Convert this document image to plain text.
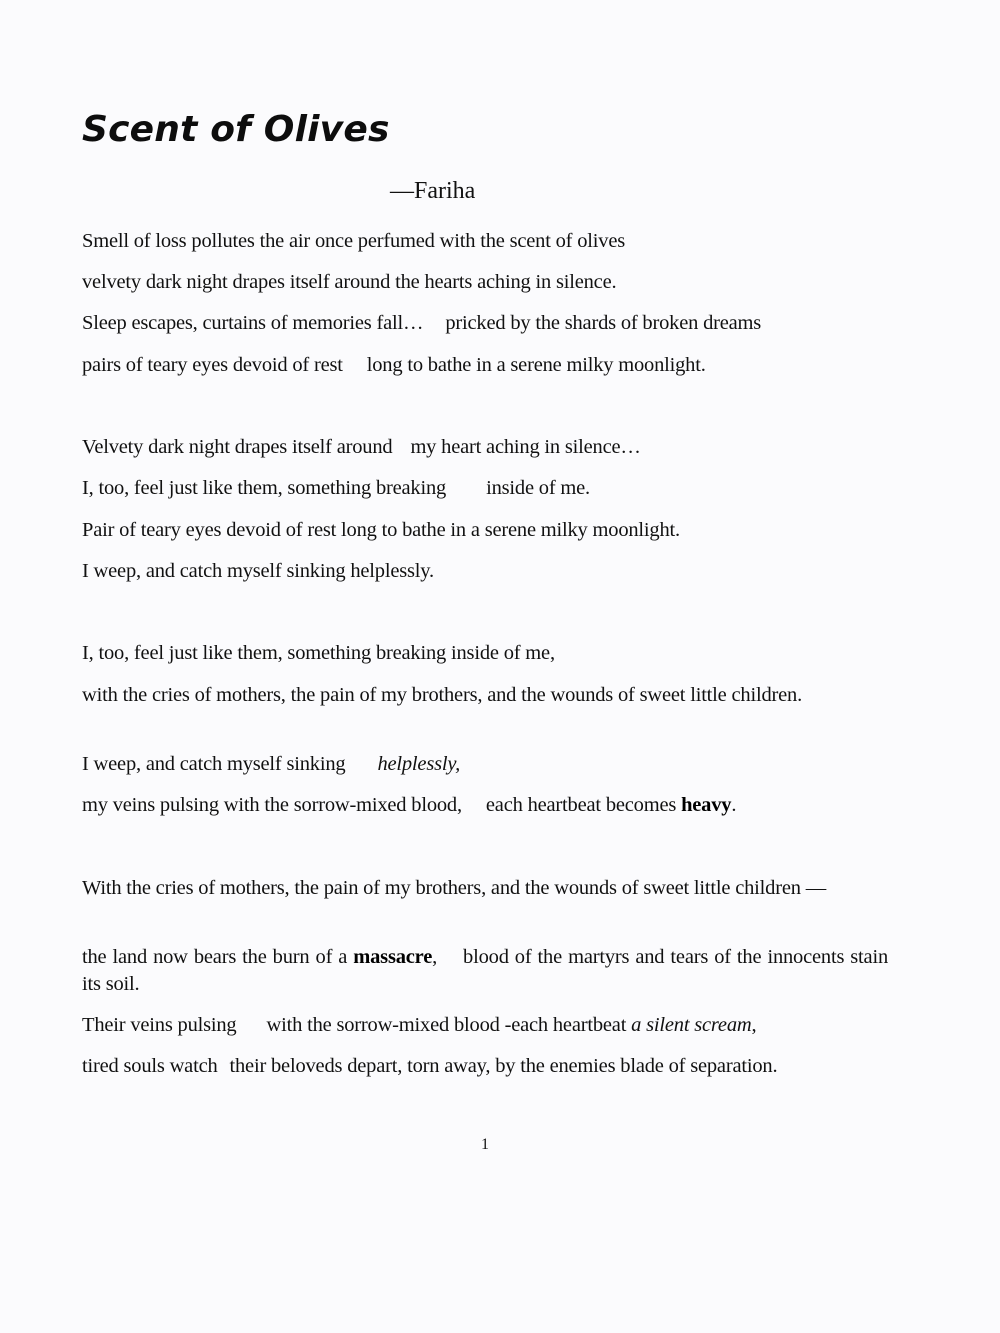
Scent of Olives
—Fariha
Smell of loss pollutes the air once perfumed with the scent of olives
velvety dark night drapes itself around the hearts aching in silence.
Sleep escapes, curtains of memories fall… pricked by the shards of broken dreams
pairs of teary eyes devoid of rest long to bathe in a serene milky moonlight.
Velvety dark night drapes itself around my heart aching in silence…
I, too, feel just like them, something breaking inside of me.
Pair of teary eyes devoid of rest long to bathe in a serene milky moonlight.
I weep, and catch myself sinking helplessly.
I, too, feel just like them, something breaking inside of me,
with the cries of mothers, the pain of my brothers, and the wounds of sweet little children.
I weep, and catch myself sinking helplessly,
my veins pulsing with the sorrow-mixed blood, each heartbeat becomes heavy.
With the cries of mothers, the pain of my brothers, and the wounds of sweet little children —
the land now bears the burn of a massacre, blood of the martyrs and tears of the innocents stain its soil.
Their veins pulsing with the sorrow-mixed blood -each heartbeat a silent scream,
tired souls watch their beloveds depart, torn away, by the enemies blade of separation.
1
